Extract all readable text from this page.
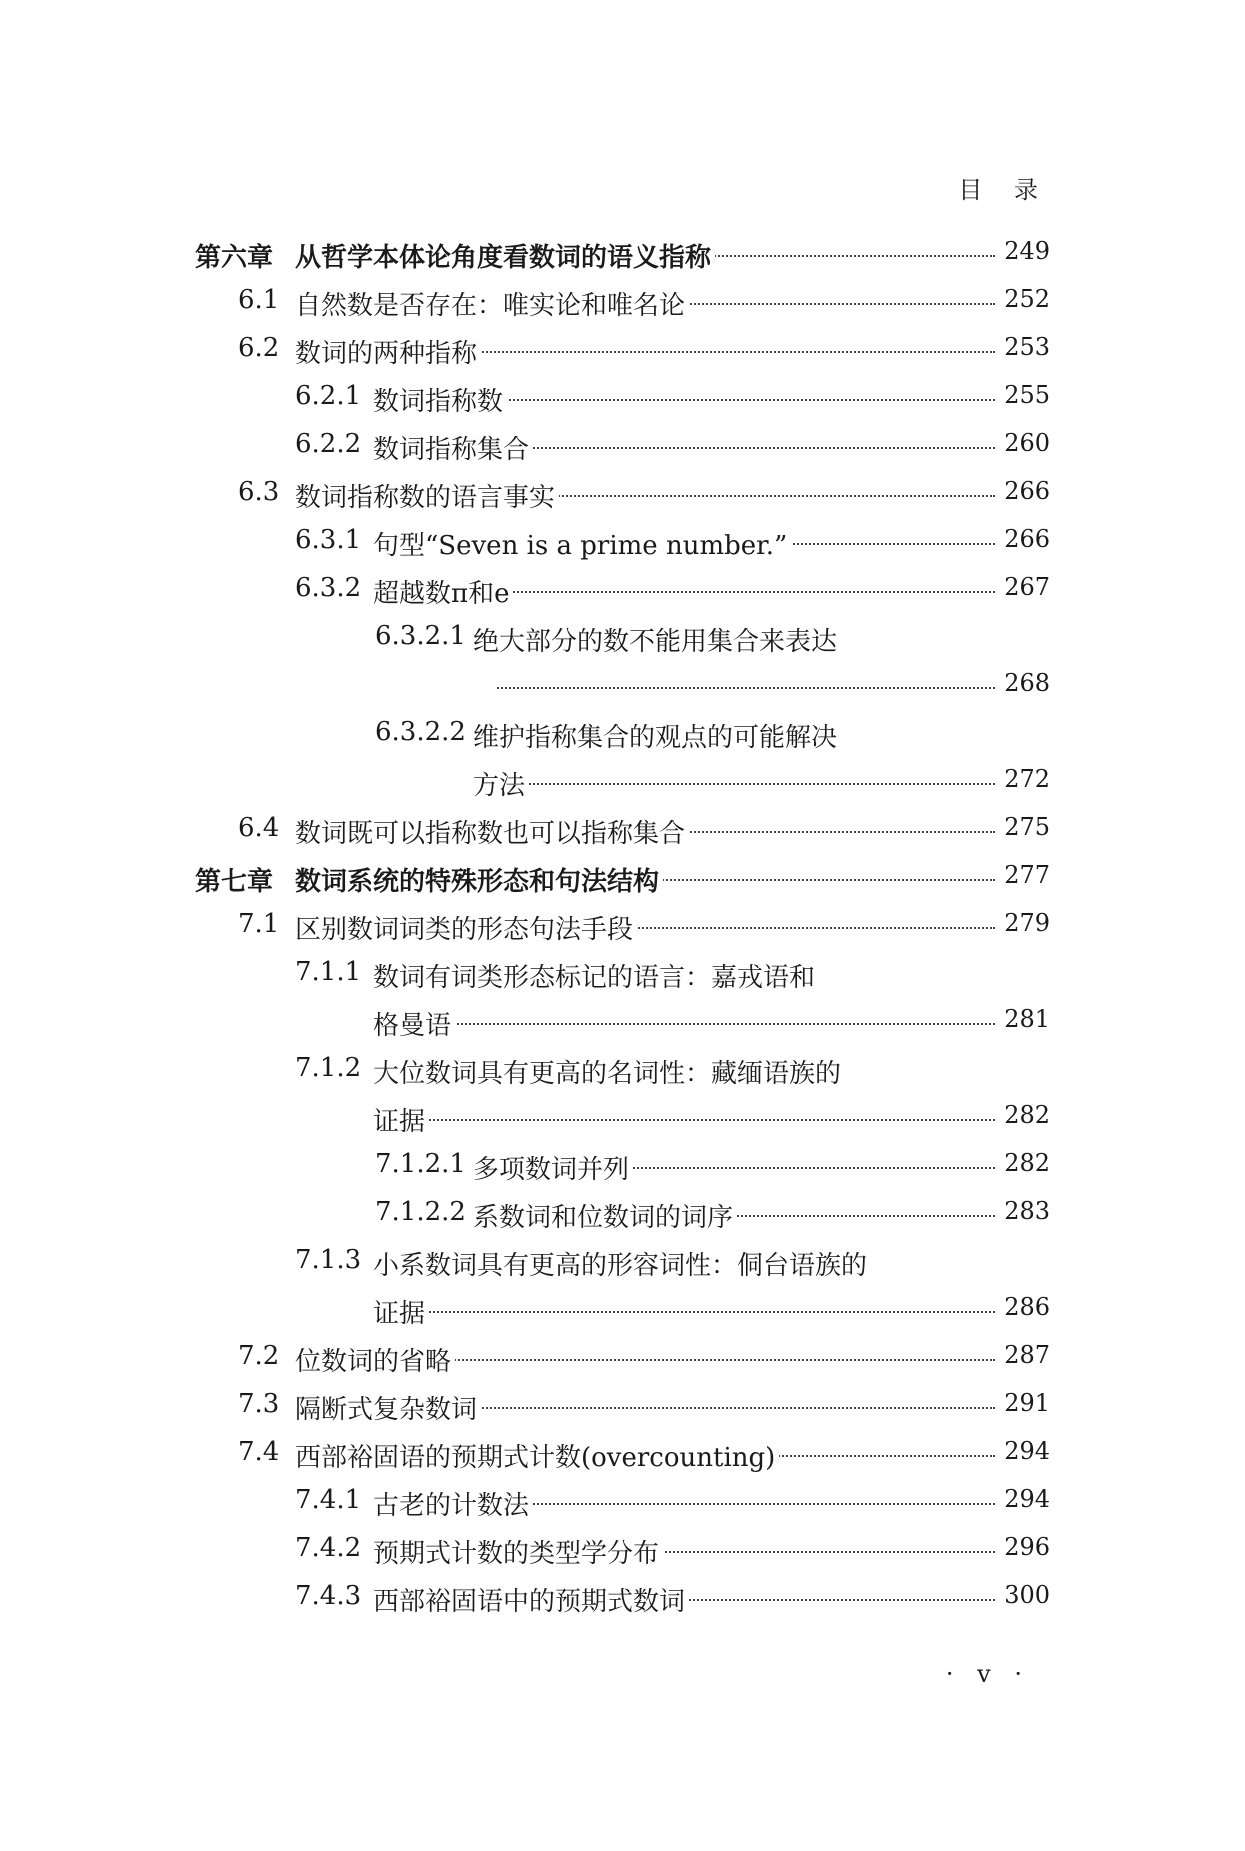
目 录
第六章 从哲学本体论角度看数词的语义指称	249
6.1 自然数是否存在：唯实论和唯名论	252
6.2 数词的两种指称	253
6.2.1 数词指称数	255
6.2.2 数词指称集合	260
6.3 数词指称数的语言事实	266
6.3.1 句型“Seven is a prime number.”	266
6.3.2 超越数π和e	267
6.3.2.1 绝大部分的数不能用集合来表达
268
6.3.2.2 维护指称集合的观点的可能解决
方法	272
6.4 数词既可以指称数也可以指称集合	275
第七章 数词系统的特殊形态和句法结构	277
7.1 区别数词词类的形态句法手段	279
7.1.1 数词有词类形态标记的语言：嘉戎语和
格曼语	281
7.1.2 大位数词具有更高的名词性：藏缅语族的
证据	282
7.1.2.1 多项数词并列	282
7.1.2.2 系数词和位数词的词序	283
7.1.3 小系数词具有更高的形容词性：侗台语族的
证据	286
7.2 位数词的省略	287
7.3 隔断式复杂数词	291
7.4 西部裕固语的预期式计数(overcounting)	294
7.4.1 古老的计数法	294
7.4.2 预期式计数的类型学分布	296
7.4.3 西部裕固语中的预期式数词	300
· v ·
